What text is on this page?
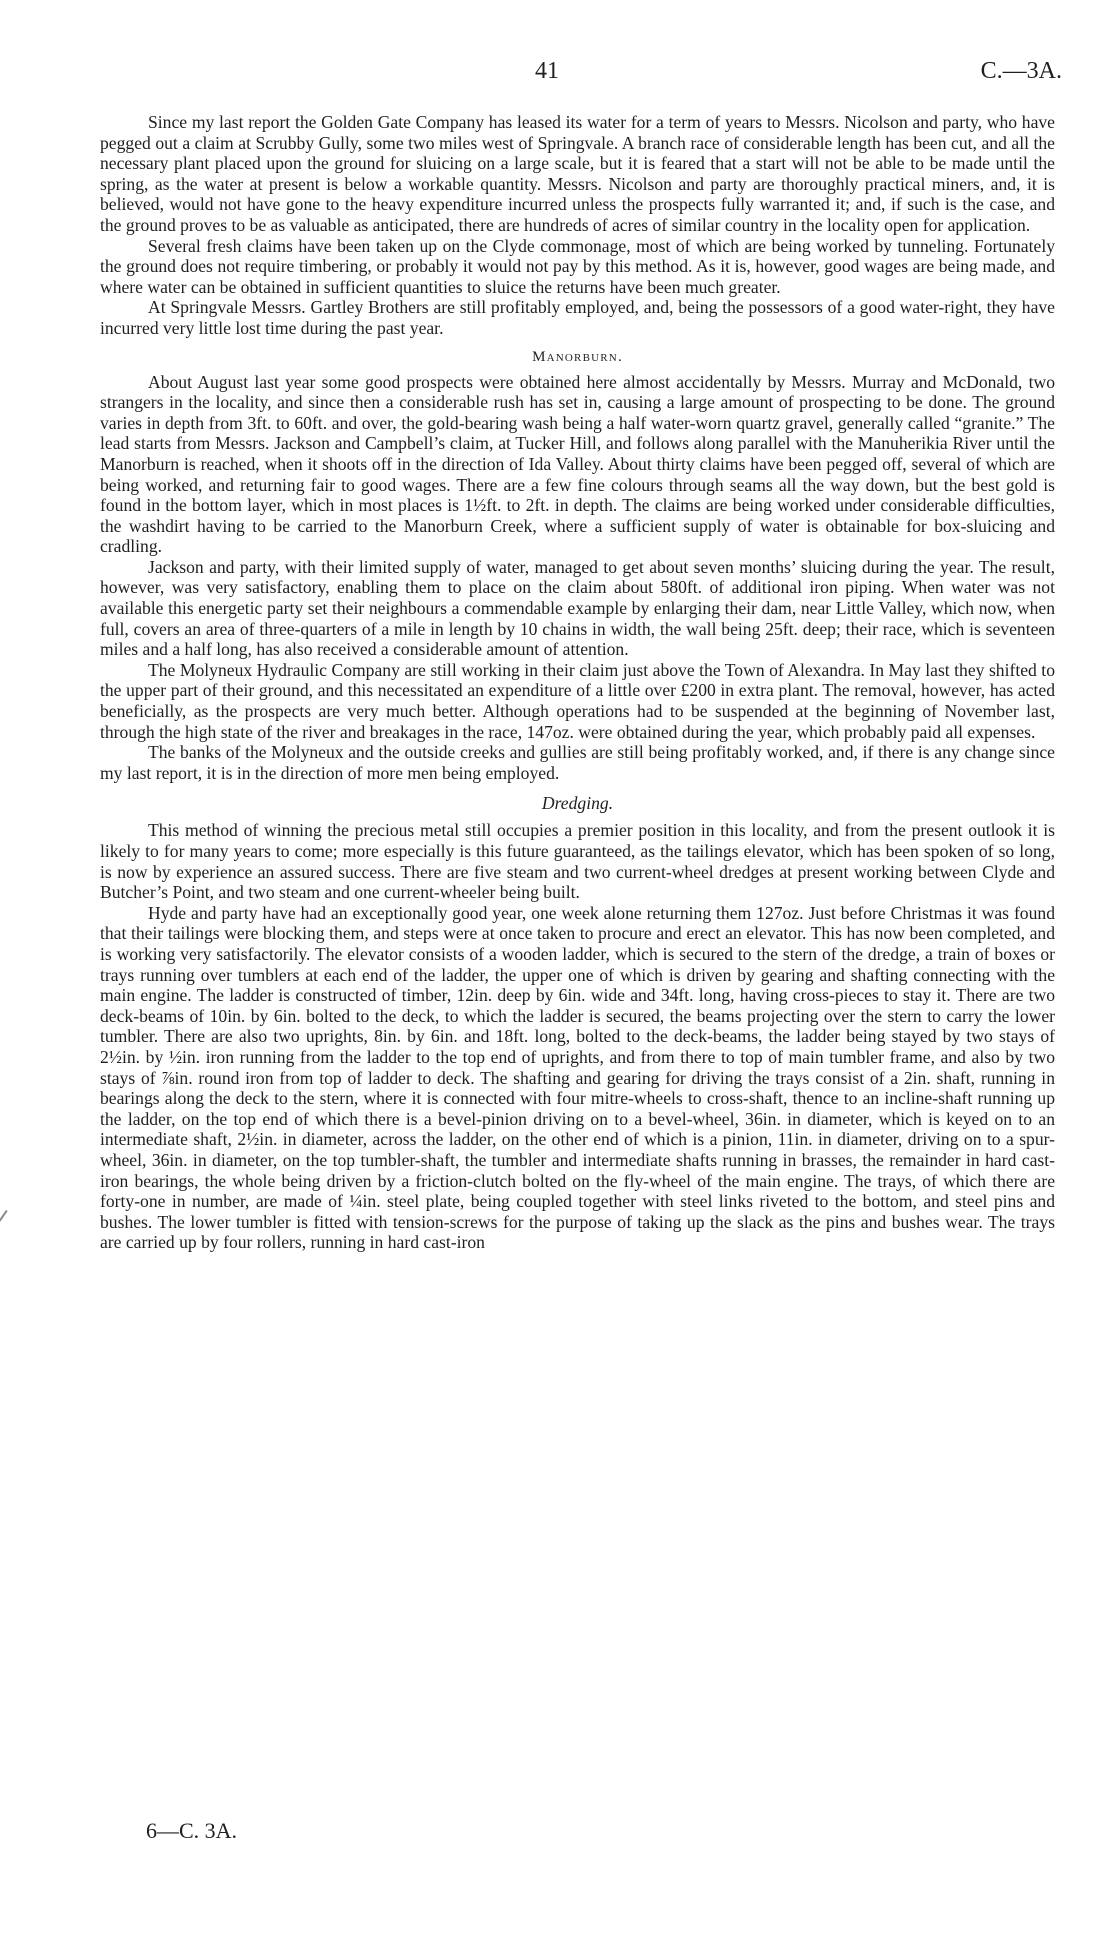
41	C.—3A.

Since my last report the Golden Gate Company has leased its water for a term of years to Messrs. Nicolson and party, who have pegged out a claim at Scrubby Gully, some two miles west of Springvale. A branch race of considerable length has been cut, and all the necessary plant placed upon the ground for sluicing on a large scale, but it is feared that a start will not be able to be made until the spring, as the water at present is below a workable quantity. Messrs. Nicolson and party are thoroughly practical miners, and, it is believed, would not have gone to the heavy expenditure incurred unless the prospects fully warranted it; and, if such is the case, and the ground proves to be as valuable as anticipated, there are hundreds of acres of similar country in the locality open for application.

Several fresh claims have been taken up on the Clyde commonage, most of which are being worked by tunneling. Fortunately the ground does not require timbering, or probably it would not pay by this method. As it is, however, good wages are being made, and where water can be obtained in sufficient quantities to sluice the returns have been much greater.

At Springvale Messrs. Gartley Brothers are still profitably employed, and, being the possessors of a good water-right, they have incurred very little lost time during the past year.

Manorburn.

About August last year some good prospects were obtained here almost accidentally by Messrs. Murray and McDonald, two strangers in the locality, and since then a considerable rush has set in, causing a large amount of prospecting to be done. The ground varies in depth from 3ft. to 60ft. and over, the gold-bearing wash being a half water-worn quartz gravel, generally called “granite.” The lead starts from Messrs. Jackson and Campbell’s claim, at Tucker Hill, and follows along parallel with the Manuherikia River until the Manorburn is reached, when it shoots off in the direction of Ida Valley. About thirty claims have been pegged off, several of which are being worked, and returning fair to good wages. There are a few fine colours through seams all the way down, but the best gold is found in the bottom layer, which in most places is 1½ft. to 2ft. in depth. The claims are being worked under considerable difficulties, the washdirt having to be carried to the Manorburn Creek, where a sufficient supply of water is obtainable for box-sluicing and cradling.

Jackson and party, with their limited supply of water, managed to get about seven months’ sluicing during the year. The result, however, was very satisfactory, enabling them to place on the claim about 580ft. of additional iron piping. When water was not available this energetic party set their neighbours a commendable example by enlarging their dam, near Little Valley, which now, when full, covers an area of three-quarters of a mile in length by 10 chains in width, the wall being 25ft. deep; their race, which is seventeen miles and a half long, has also received a considerable amount of attention.

The Molyneux Hydraulic Company are still working in their claim just above the Town of Alexandra. In May last they shifted to the upper part of their ground, and this necessitated an expenditure of a little over £200 in extra plant. The removal, however, has acted beneficially, as the prospects are very much better. Although operations had to be suspended at the beginning of November last, through the high state of the river and breakages in the race, 147oz. were obtained during the year, which probably paid all expenses.

The banks of the Molyneux and the outside creeks and gullies are still being profitably worked, and, if there is any change since my last report, it is in the direction of more men being employed.

Dredging.

This method of winning the precious metal still occupies a premier position in this locality, and from the present outlook it is likely to for many years to come; more especially is this future guaranteed, as the tailings elevator, which has been spoken of so long, is now by experience an assured success. There are five steam and two current-wheel dredges at present working between Clyde and Butcher’s Point, and two steam and one current-wheeler being built.

Hyde and party have had an exceptionally good year, one week alone returning them 127oz. Just before Christmas it was found that their tailings were blocking them, and steps were at once taken to procure and erect an elevator. This has now been completed, and is working very satisfactorily. The elevator consists of a wooden ladder, which is secured to the stern of the dredge, a train of boxes or trays running over tumblers at each end of the ladder, the upper one of which is driven by gearing and shafting connecting with the main engine. The ladder is constructed of timber, 12in. deep by 6in. wide and 34ft. long, having cross-pieces to stay it. There are two deck-beams of 10in. by 6in. bolted to the deck, to which the ladder is secured, the beams projecting over the stern to carry the lower tumbler. There are also two uprights, 8in. by 6in. and 18ft. long, bolted to the deck-beams, the ladder being stayed by two stays of 2½in. by ½in. iron running from the ladder to the top end of uprights, and from there to top of main tumbler frame, and also by two stays of ⅞in. round iron from top of ladder to deck. The shafting and gearing for driving the trays consist of a 2in. shaft, running in bearings along the deck to the stern, where it is connected with four mitre-wheels to cross-shaft, thence to an incline-shaft running up the ladder, on the top end of which there is a bevel-pinion driving on to a bevel-wheel, 36in. in diameter, which is keyed on to an intermediate shaft, 2½in. in diameter, across the ladder, on the other end of which is a pinion, 11in. in diameter, driving on to a spur-wheel, 36in. in diameter, on the top tumbler-shaft, the tumbler and intermediate shafts running in brasses, the remainder in hard cast-iron bearings, the whole being driven by a friction-clutch bolted on the fly-wheel of the main engine. The trays, of which there are forty-one in number, are made of ¼in. steel plate, being coupled together with steel links riveted to the bottom, and steel pins and bushes. The lower tumbler is fitted with tension-screws for the purpose of taking up the slack as the pins and bushes wear. The trays are carried up by four rollers, running in hard cast-iron

6—C. 3A.
